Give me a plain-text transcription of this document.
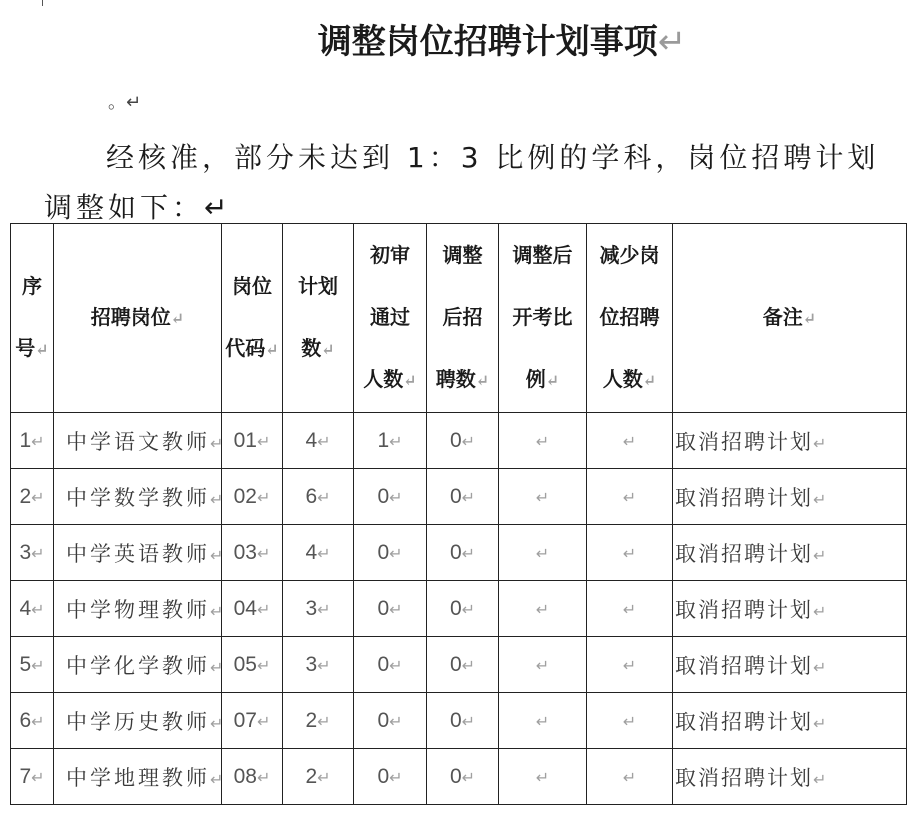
调整岗位招聘计划事项↵
。↵
经核准，部分未达到 1：3 比例的学科，岗位招聘计划
调整如下：↵
序
号↵	招聘岗位↵	岗位
代码↵	计划
数↵	初审
通过
人数↵	调整
后招
聘数↵	调整后
开考比
例↵	减少岗
位招聘
人数↵	备注↵

1↵	中学语文教师↵	01↵	4↵	1↵	0↵	↵	↵	取消招聘计划↵
2↵	中学数学教师↵	02↵	6↵	0↵	0↵	↵	↵	取消招聘计划↵
3↵	中学英语教师↵	03↵	4↵	0↵	0↵	↵	↵	取消招聘计划↵
4↵	中学物理教师↵	04↵	3↵	0↵	0↵	↵	↵	取消招聘计划↵
5↵	中学化学教师↵	05↵	3↵	0↵	0↵	↵	↵	取消招聘计划↵
6↵	中学历史教师↵	07↵	2↵	0↵	0↵	↵	↵	取消招聘计划↵
7↵	中学地理教师↵	08↵	2↵	0↵	0↵	↵	↵	取消招聘计划↵
